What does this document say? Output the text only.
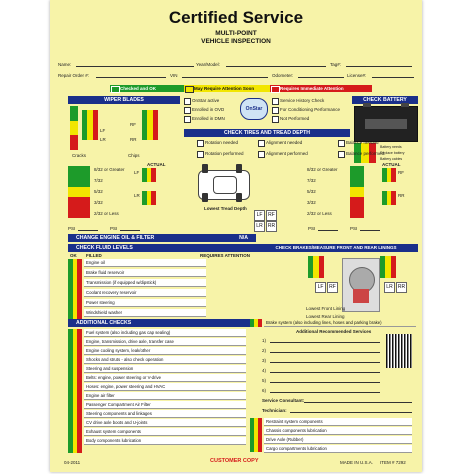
Certified Service
MULTI-POINT
VEHICLE INSPECTION
Name:	Year/Model:	Tag#:
Repair Order #:	VIN	Odometer:	License#:
Checked and OK	May Require Attention Soon	Requires Immediate Attention
WIPER BLADES
LF
RF
LR	RR
Cracks	Chips
OnStar active
OnStar
Enrolled in OVD
Enrolled in DMN
Service History Check
For Conditioning Performance
Not Performed
CHECK BATTERY
Battery needs
Replace battery
Battery cables
CHECK TIRES AND TREAD DEPTH
Rotation needed
Rotation performed
Alignment needed
Alignment performed
Balance needed
Balance performed
8/32 or Greater
7/32
5/32
3/32
2/32 or Less
ACTUAL
LF
LR
Lowest Tread Depth
LF	RF
LR	RR
8/32 or Greater
7/32
5/32
3/32
2/32 or Less
ACTUAL
RF
RR
PSI	PSI	PSI	PSI
CHANGE ENGINE OIL & FILTER	N/A
CHECK FLUID LEVELS
OK FILLED	REQUIRES ATTENTION
Engine oil
Brake fluid reservoir
Transmission (if equipped w/dipstick)
Coolant recovery reservoir
Power steering
Windshield washer
CHECK BRAKES/MEASURE FRONT AND REAR LININGS
LF	RF	LR	RR
Lowest Front Lining
Lowest Rear Lining
ADDITIONAL CHECKS
Fuel system (also including gas cap sealing)
Engine, transmission, drive axle, transfer case
Engine cooling system, leak/other
Shocks and struts - also check operation
Steering and suspension
Belts: engine, power steering or V-drive
Hoses: engine, power steering and HVAC
Engine air filter
Passenger Compartment Air Filter
Steering components and linkages
CV drive axle boots and U-joints
Exhaust system components
Body components lubrication
Brake system (also including lines, hoses and parking brake)
Additional Recommended Services
1)
2)
3)
4)
5)
6)
Service Consultant:
Technician:
Restraint system components
Chassis components lubrication
Drive Axle (Rubber)
Cargo compartments lubrication
04-2011	CUSTOMER COPY	MADE IN U.S.A. ITEM # 7292
